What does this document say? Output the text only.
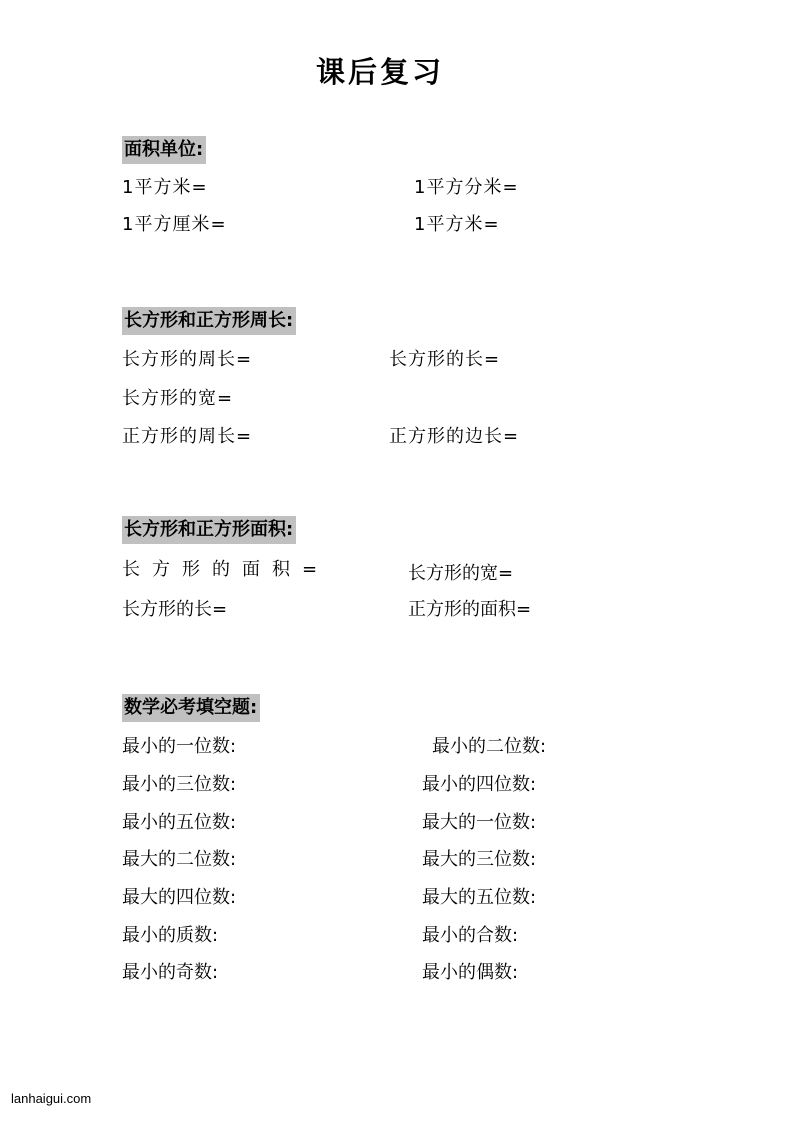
课后复习
面积单位:
1平方米=	1平方分米=
1平方厘米=	1平方米=
长方形和正方形周长:
长方形的周长=	长方形的长=
长方形的宽=
正方形的周长=	正方形的边长=
长方形和正方形面积:
长方形的面积=	长方形的宽=
长方形的长=	正方形的面积=
数学必考填空题:
最小的一位数:	最小的二位数:
最小的三位数:	最小的四位数:
最小的五位数:	最大的一位数:
最大的二位数:	最大的三位数:
最大的四位数:	最大的五位数:
最小的质数:	最小的合数:
最小的奇数:	最小的偶数:
lanhaigui.com
